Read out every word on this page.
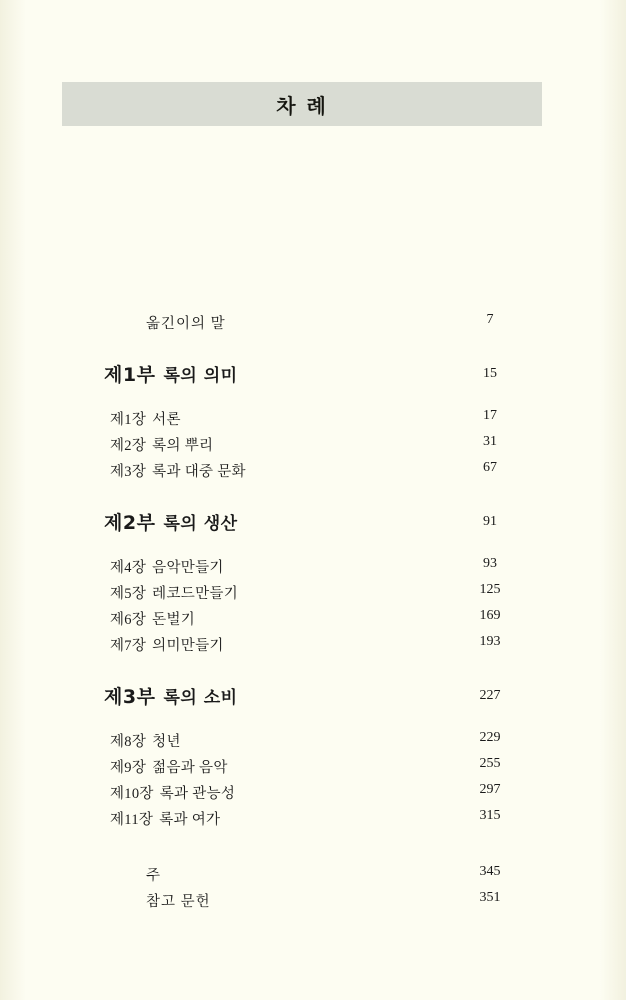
차 례
옮긴이의 말	7
제1부 록의 의미	15
제1장 서론	17
제2장 록의 뿌리	31
제3장 록과 대중 문화	67
제2부 록의 생산	91
제4장 음악만들기	93
제5장 레코드만들기	125
제6장 돈벌기	169
제7장 의미만들기	193
제3부 록의 소비	227
제8장 청년	229
제9장 젊음과 음악	255
제10장 록과 관능성	297
제11장 록과 여가	315
주	345
참고 문헌	351
